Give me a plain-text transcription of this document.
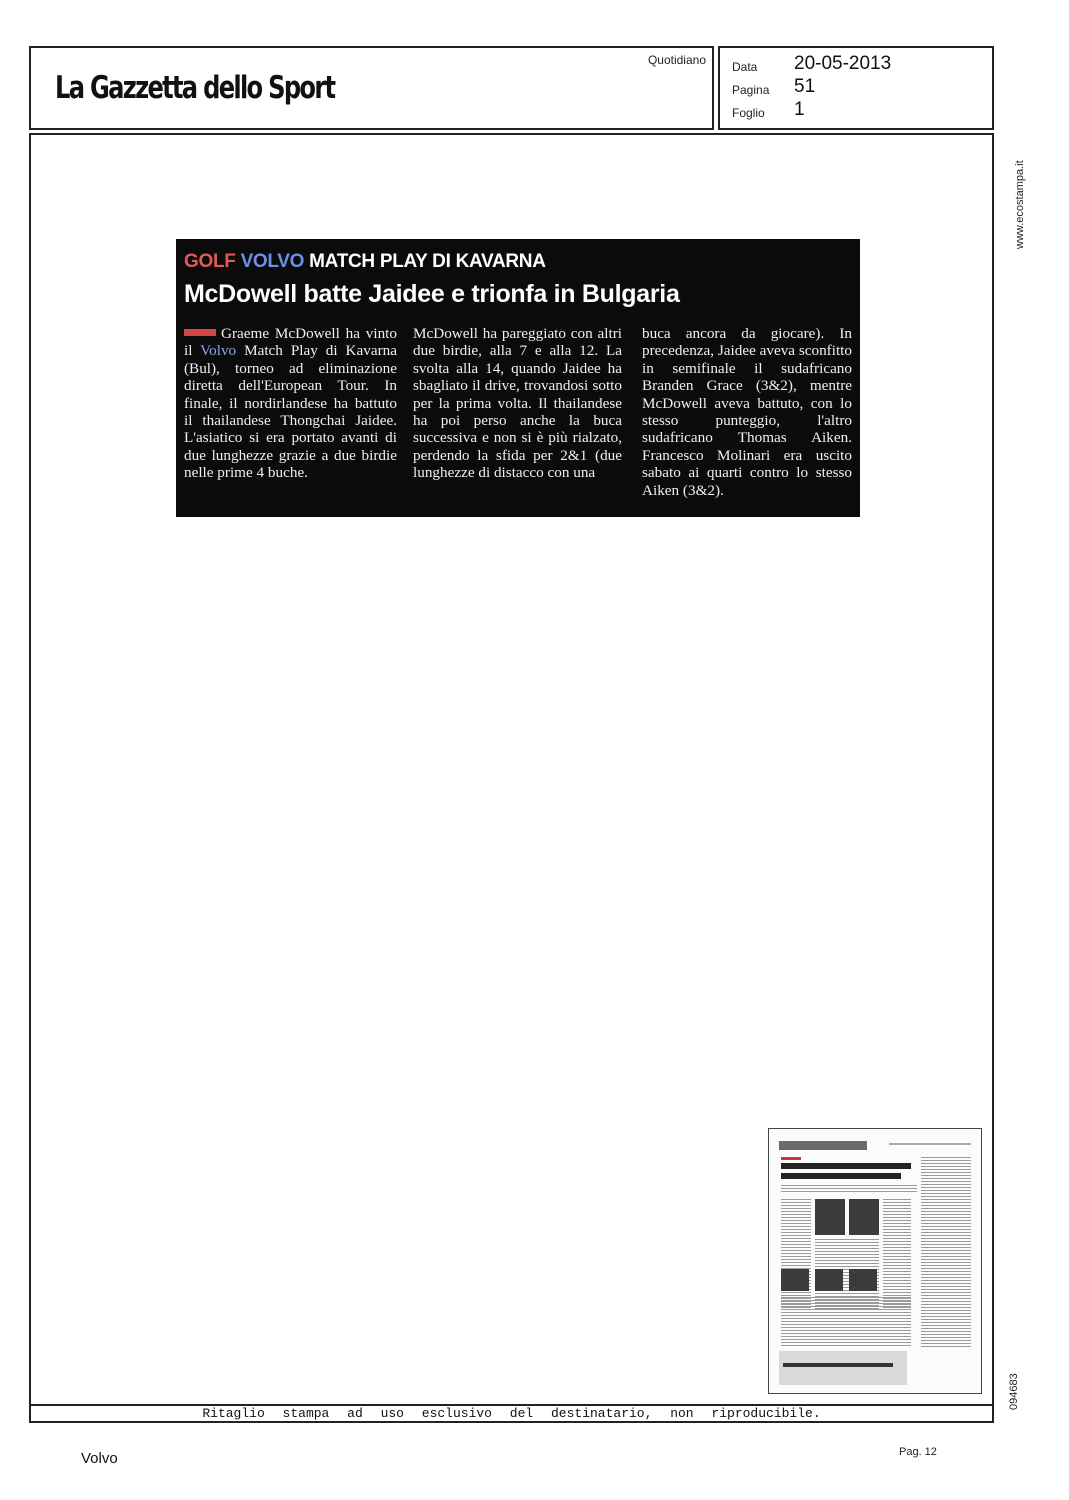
La Gazzetta dello Sport
Quotidiano Data 20-05-2013
Pagina 51
Foglio 1
www.ecostampa.it
094683
GOLF VOLVO MATCH PLAY DI KAVARNA
McDowell batte Jaidee e trionfa in Bulgaria
Graeme McDowell ha vinto il Volvo Match Play di Kavarna (Bul), torneo ad eliminazione diretta dell'European Tour. In finale, il nordirlandese ha battuto il thailandese Thongchai Jaidee. L'asiatico si era portato avanti di due lunghezze grazie a due birdie nelle prime 4 buche.
McDowell ha pareggiato con altri due birdie, alla 7 e alla 12. La svolta alla 14, quando Jaidee ha sbagliato il drive, trovandosi sotto per la prima volta. Il thailandese ha poi perso anche la buca successiva e non si è più rialzato, perdendo la sfida per 2&1 (due lunghezze di distacco con una
buca ancora da giocare). In precedenza, Jaidee aveva sconfitto in semifinale il sudafricano Branden Grace (3&2), mentre McDowell aveva battuto, con lo stesso punteggio, l'altro sudafricano Thomas Aiken. Francesco Molinari era uscito sabato ai quarti contro lo stesso Aiken (3&2).
Ritaglio stampa ad uso esclusivo del destinatario, non riproducibile.
Volvo	Pag. 12
